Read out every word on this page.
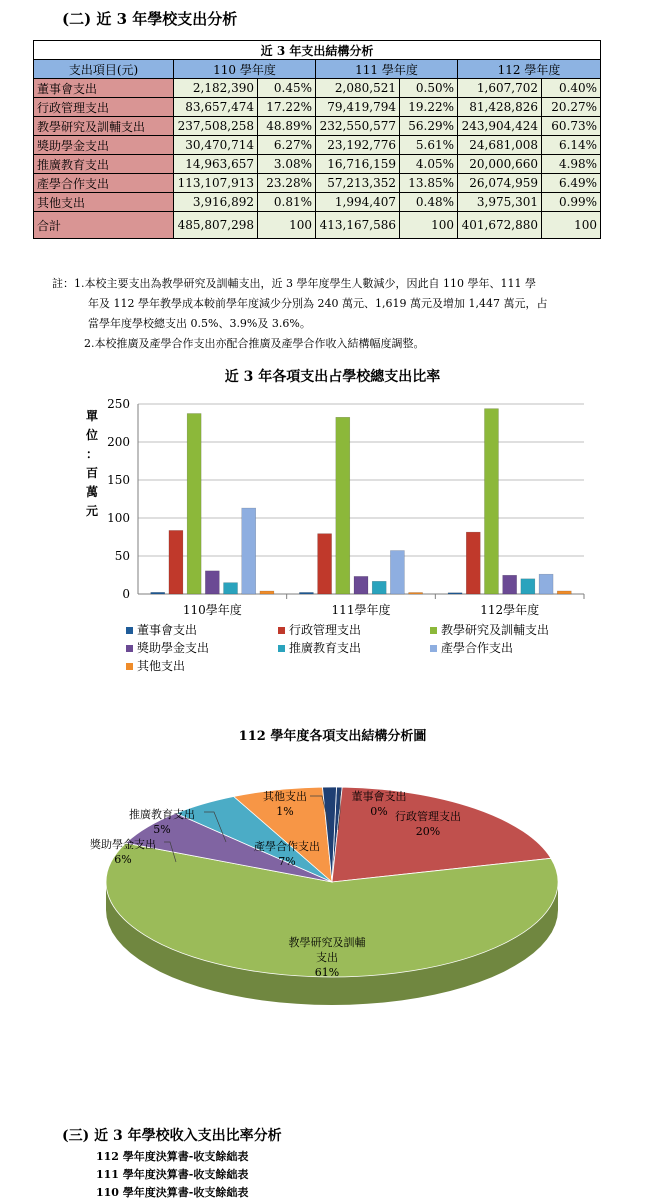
(二) 近 3 年學校支出分析
近 3 年支出結構分析						
支出項目(元)	110 學年度		111 學年度		112 學年度	
董事會支出	2,182,390	0.45%	2,080,521	0.50%	1,607,702	0.40%
行政管理支出	83,657,474	17.22%	79,419,794	19.22%	81,428,826	20.27%
教學研究及訓輔支出	237,508,258	48.89%	232,550,577	56.29%	243,904,424	60.73%
獎助學金支出	30,470,714	6.27%	23,192,776	5.61%	24,681,008	6.14%
推廣教育支出	14,963,657	3.08%	16,716,159	4.05%	20,000,660	4.98%
產學合作支出	113,107,913	23.28%	57,213,352	13.85%	26,074,959	6.49%
其他支出	3,916,892	0.81%	1,994,407	0.48%	3,975,301	0.99%
合計	485,807,298	100	413,167,586	100	401,672,880	100
註：1.本校主要支出為教學研究及訓輔支出，近 3 學年度學生人數減少，因此自 110 學年、111 學
年及 112 學年教學成本較前學年度減少分別為 240 萬元、1,619 萬元及增加 1,447 萬元，占
當學年度學校總支出 0.5%、3.9%及 3.6%。
2.本校推廣及產學合作支出亦配合推廣及產學合作收入結構幅度調整。
近 3 年各項支出占學校總支出比率
0
50
100
150
200
250
單
位
：
百
萬
元
110學年度	111學年度	112學年度
董事會支出	行政管理支出	教學研究及訓輔支出
獎助學金支出	推廣教育支出	產學合作支出
其他支出
112 學年度各項支出結構分析圖
行政管理支出
20%
教學研究及訓輔
支出
61%
產學合作支出
7%
董事會支出
0%
其他支出
1%
推廣教育支出
5%
獎助學金支出
6%
(三) 近 3 年學校收入支出比率分析
112 學年度決算書-收支餘絀表
111 學年度決算書-收支餘絀表
110 學年度決算書-收支餘絀表
